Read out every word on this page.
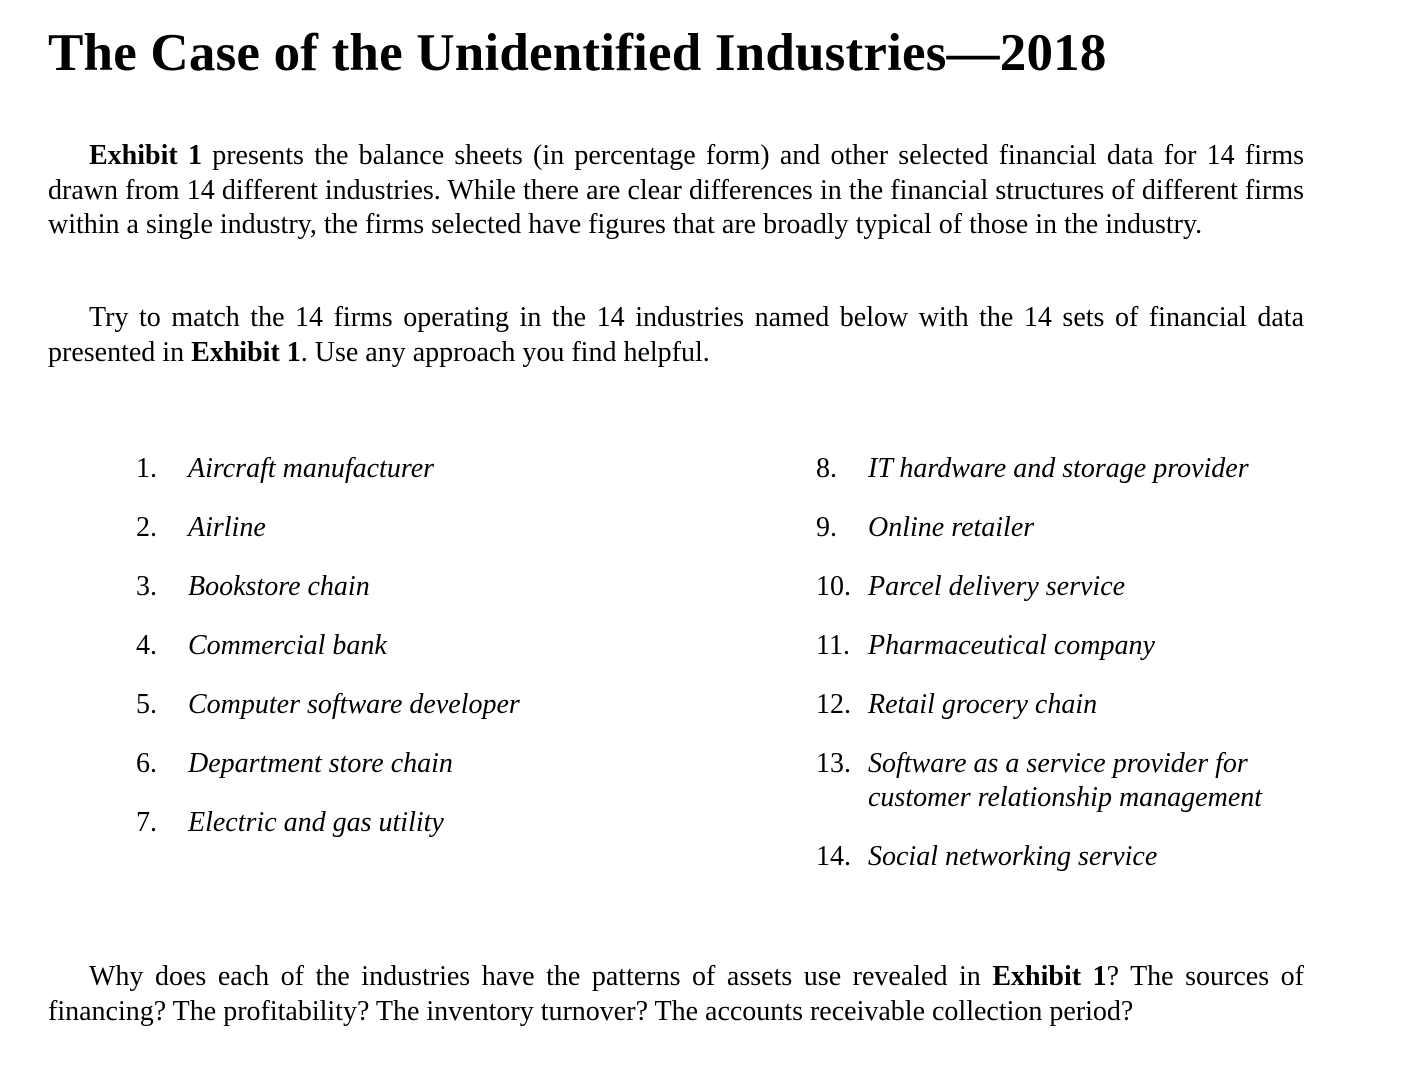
The Case of the Unidentified Industries—2018

Exhibit 1 presents the balance sheets (in percentage form) and other selected financial data for 14 firms drawn from 14 different industries. While there are clear differences in the financial structures of different firms within a single industry, the firms selected have figures that are broadly typical of those in the industry.

Try to match the 14 firms operating in the 14 industries named below with the 14 sets of financial data presented in Exhibit 1. Use any approach you find helpful.

1.	Aircraft manufacturer
2.	Airline
3.	Bookstore chain
4.	Commercial bank
5.	Computer software developer
6.	Department store chain
7.	Electric and gas utility
8.	IT hardware and storage provider
9.	Online retailer
10. Parcel delivery service
11. Pharmaceutical company
12. Retail grocery chain
13. Software as a service provider for customer relationship management
14. Social networking service

Why does each of the industries have the patterns of assets use revealed in Exhibit 1? The sources of financing? The profitability? The inventory turnover? The accounts receivable collection period?
